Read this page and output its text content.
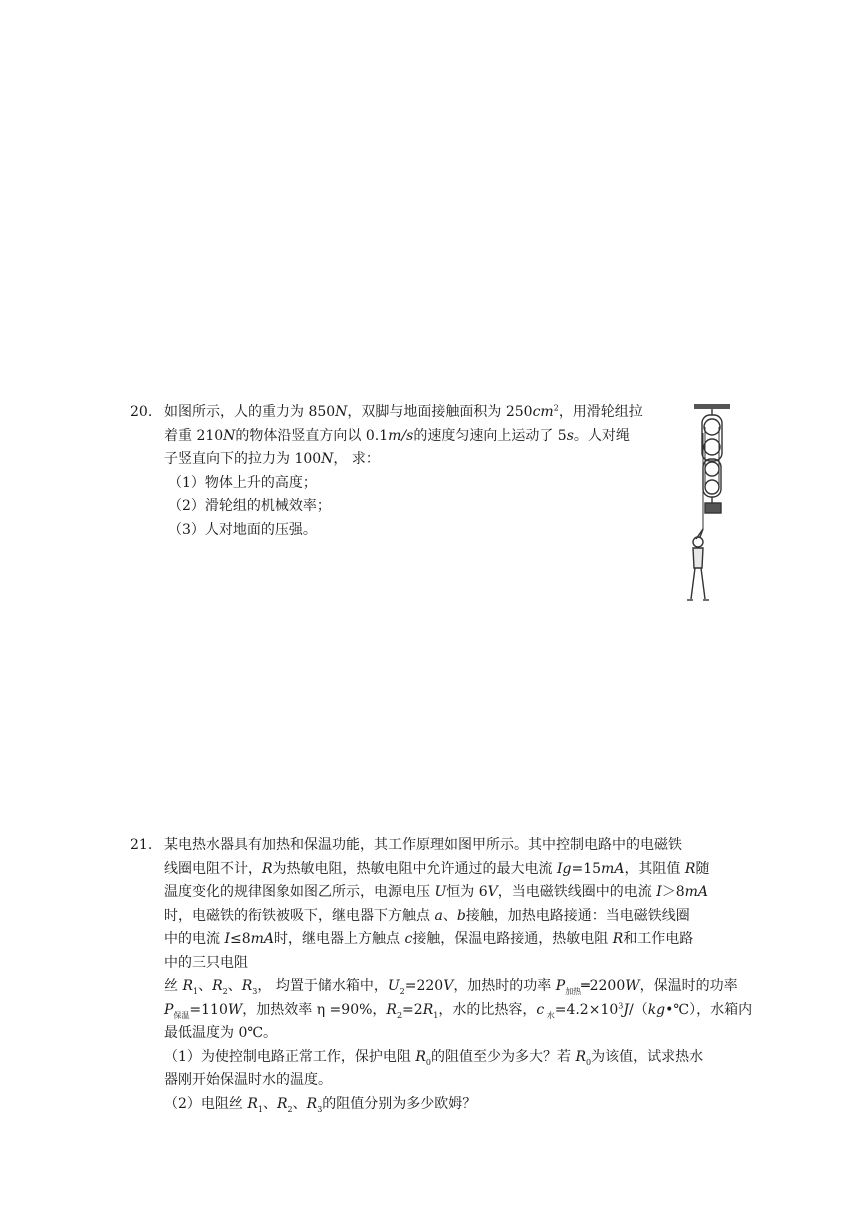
20. 如图所示，人的重力为 850N，双脚与地面接触面积为 $250cm^2$，用滑轮组拉
着重 210N的物体沿竖直方向以 0.1m/s的速度匀速向上运动了 5s。人对绳
子竖直向下的拉力为 100N， 求：
（1）物体上升的高度；
（2）滑轮组的机械效率；
（3）人对地面的压强。
21. 某电热水器具有加热和保温功能，其工作原理如图甲所示。其中控制电路中的电磁铁
线圈电阻不计，R为热敏电阻，热敏电阻中允许通过的最大电流 Ig=15mA，其阻值 R随
温度变化的规律图象如图乙所示，电源电压 U恒为 6V，当电磁铁线圈中的电流 I＞8mA
时，电磁铁的衔铁被吸下，继电器下方触点 a、b接触，加热电路接通：当电磁铁线圈
中的电流 I≤8mA时，继电器上方触点 c接触，保温电路接通，热敏电阻 R和工作电路
中的三只电阻
丝 $R_1$、$R_2$、$R_3$， 均置于储水箱中，$U_2=220V$，加热时的功率 $P_{加热}═2200W$，保温时的功率
$P_{保温}=110W$，加热效率 η =90%，$R_2=2R_1$，水的比热容，c $_水=4.2\times 10^3J/(kg•℃)$，水箱内
最低温度为 0℃。
（1）为使控制电路正常工作，保护电阻 $R_0$的阻值至少为多大？若 $R_0$为该值，试求热水
器刚开始保温时水的温度。
（2）电阻丝 $R_1$、$R_2$、$R_3$的阻值分别为多少欧姆？
